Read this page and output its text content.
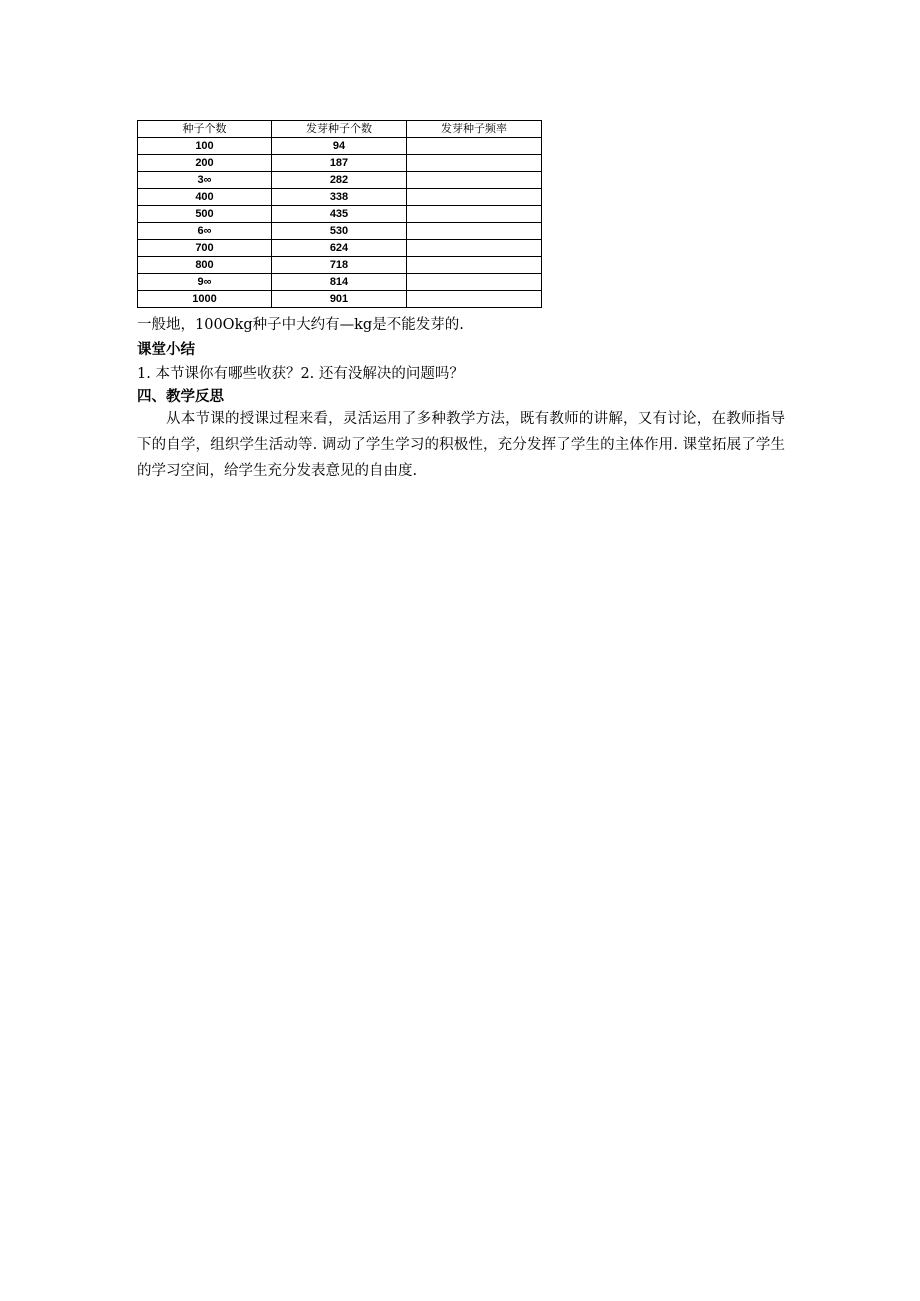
种子个数	发芽种子个数	发芽种子频率
100	94	
200	187	
3∞	282	
400	338	
500	435	
6∞	530	
700	624	
800	718	
9∞	814	
1000	901	
一般地，100Okg种子中大约有—kg是不能发芽的.
课堂小结
1. 本节课你有哪些收获？2. 还有没解决的问题吗？
四、教学反思
从本节课的授课过程来看，灵活运用了多种教学方法，既有教师的讲解，又有讨论，在教师指导下的自学，组织学生活动等. 调动了学生学习的积极性，充分发挥了学生的主体作用. 课堂拓展了学生的学习空间，给学生充分发表意见的自由度.
